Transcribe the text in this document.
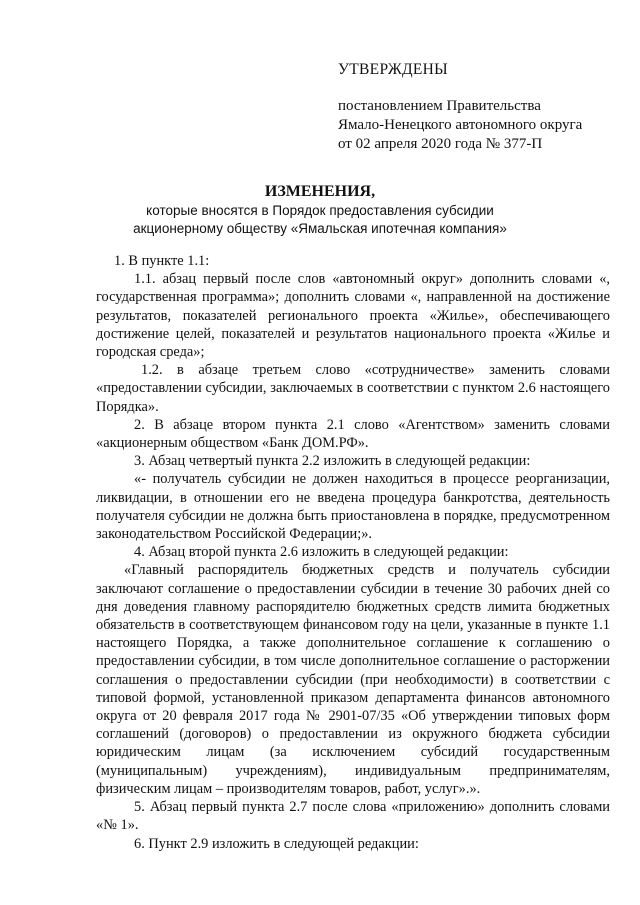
УТВЕРЖДЕНЫ
постановлением Правительства
Ямало-Ненецкого автономного округа
от 02 апреля 2020 года № 377-П
ИЗМЕНЕНИЯ,
которые вносятся в Порядок предоставления субсидии
акционерному обществу «Ямальская ипотечная компания»

1. В пункте 1.1:

1.1. абзац первый после слов «автономный округ» дополнить словами «, государственная программа»; дополнить словами «, направленной на достижение результатов, показателей регионального проекта «Жилье», обеспечивающего достижение целей, показателей и результатов национального проекта «Жилье и городская среда»;

1.2. в абзаце третьем слово «сотрудничестве» заменить словами «предоставлении субсидии, заключаемых в соответствии с пунктом 2.6 настоящего Порядка».

2. В абзаце втором пункта 2.1 слово «Агентством» заменить словами «акционерным обществом «Банк ДОМ.РФ».

3. Абзац четвертый пункта 2.2 изложить в следующей редакции:

«- получатель субсидии не должен находиться в процессе реорганизации, ликвидации, в отношении его не введена процедура банкротства, деятельность получателя субсидии не должна быть приостановлена в порядке, предусмотренном законодательством Российской Федерации;».

4. Абзац второй пункта 2.6 изложить в следующей редакции:

«Главный распорядитель бюджетных средств и получатель субсидии заключают соглашение о предоставлении субсидии в течение 30 рабочих дней со дня доведения главному распорядителю бюджетных средств лимита бюджетных обязательств в соответствующем финансовом году на цели, указанные в пункте 1.1 настоящего Порядка, а также дополнительное соглашение к соглашению о предоставлении субсидии, в том числе дополнительное соглашение о расторжении соглашения о предоставлении субсидии (при необходимости) в соответствии с типовой формой, установленной приказом департамента финансов автономного округа от 20 февраля 2017 года № 2901-07/35 «Об утверждении типовых форм соглашений (договоров) о предоставлении из окружного бюджета субсидии юридическим лицам (за исключением субсидий государственным (муниципальным) учреждениям), индивидуальным предпринимателям, физическим лицам – производителям товаров, работ, услуг».».

5. Абзац первый пункта 2.7 после слова «приложению» дополнить словами «№ 1».

6. Пункт 2.9 изложить в следующей редакции:
